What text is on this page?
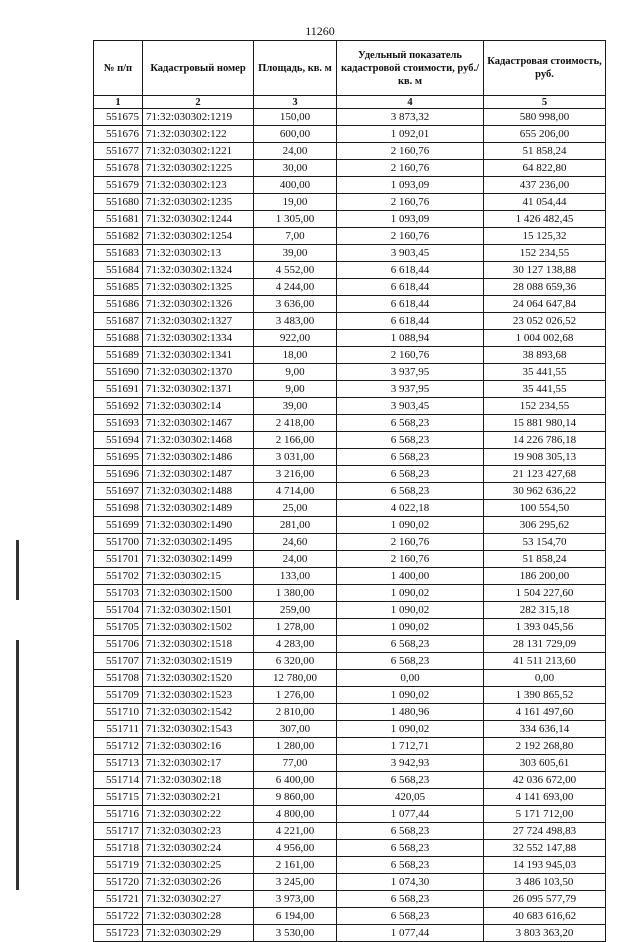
11260
№ п/п	Кадастровый номер	Площадь, кв. м	Удельный показатель кадастровой стоимости, руб./кв. м	Кадастровая стоимость, руб.
1	2	3	4	5
551675	71:32:030302:1219	150,00	3 873,32	580 998,00
551676	71:32:030302:122	600,00	1 092,01	655 206,00
551677	71:32:030302:1221	24,00	2 160,76	51 858,24
551678	71:32:030302:1225	30,00	2 160,76	64 822,80
551679	71:32:030302:123	400,00	1 093,09	437 236,00
551680	71:32:030302:1235	19,00	2 160,76	41 054,44
551681	71:32:030302:1244	1 305,00	1 093,09	1 426 482,45
551682	71:32:030302:1254	7,00	2 160,76	15 125,32
551683	71:32:030302:13	39,00	3 903,45	152 234,55
551684	71:32:030302:1324	4 552,00	6 618,44	30 127 138,88
551685	71:32:030302:1325	4 244,00	6 618,44	28 088 659,36
551686	71:32:030302:1326	3 636,00	6 618,44	24 064 647,84
551687	71:32:030302:1327	3 483,00	6 618,44	23 052 026,52
551688	71:32:030302:1334	922,00	1 088,94	1 004 002,68
551689	71:32:030302:1341	18,00	2 160,76	38 893,68
551690	71:32:030302:1370	9,00	3 937,95	35 441,55
551691	71:32:030302:1371	9,00	3 937,95	35 441,55
551692	71:32:030302:14	39,00	3 903,45	152 234,55
551693	71:32:030302:1467	2 418,00	6 568,23	15 881 980,14
551694	71:32:030302:1468	2 166,00	6 568,23	14 226 786,18
551695	71:32:030302:1486	3 031,00	6 568,23	19 908 305,13
551696	71:32:030302:1487	3 216,00	6 568,23	21 123 427,68
551697	71:32:030302:1488	4 714,00	6 568,23	30 962 636,22
551698	71:32:030302:1489	25,00	4 022,18	100 554,50
551699	71:32:030302:1490	281,00	1 090,02	306 295,62
551700	71:32:030302:1495	24,60	2 160,76	53 154,70
551701	71:32:030302:1499	24,00	2 160,76	51 858,24
551702	71:32:030302:15	133,00	1 400,00	186 200,00
551703	71:32:030302:1500	1 380,00	1 090,02	1 504 227,60
551704	71:32:030302:1501	259,00	1 090,02	282 315,18
551705	71:32:030302:1502	1 278,00	1 090,02	1 393 045,56
551706	71:32:030302:1518	4 283,00	6 568,23	28 131 729,09
551707	71:32:030302:1519	6 320,00	6 568,23	41 511 213,60
551708	71:32:030302:1520	12 780,00	0,00	0,00
551709	71:32:030302:1523	1 276,00	1 090,02	1 390 865,52
551710	71:32:030302:1542	2 810,00	1 480,96	4 161 497,60
551711	71:32:030302:1543	307,00	1 090,02	334 636,14
551712	71:32:030302:16	1 280,00	1 712,71	2 192 268,80
551713	71:32:030302:17	77,00	3 942,93	303 605,61
551714	71:32:030302:18	6 400,00	6 568,23	42 036 672,00
551715	71:32:030302:21	9 860,00	420,05	4 141 693,00
551716	71:32:030302:22	4 800,00	1 077,44	5 171 712,00
551717	71:32:030302:23	4 221,00	6 568,23	27 724 498,83
551718	71:32:030302:24	4 956,00	6 568,23	32 552 147,88
551719	71:32:030302:25	2 161,00	6 568,23	14 193 945,03
551720	71:32:030302:26	3 245,00	1 074,30	3 486 103,50
551721	71:32:030302:27	3 973,00	6 568,23	26 095 577,79
551722	71:32:030302:28	6 194,00	6 568,23	40 683 616,62
551723	71:32:030302:29	3 530,00	1 077,44	3 803 363,20
